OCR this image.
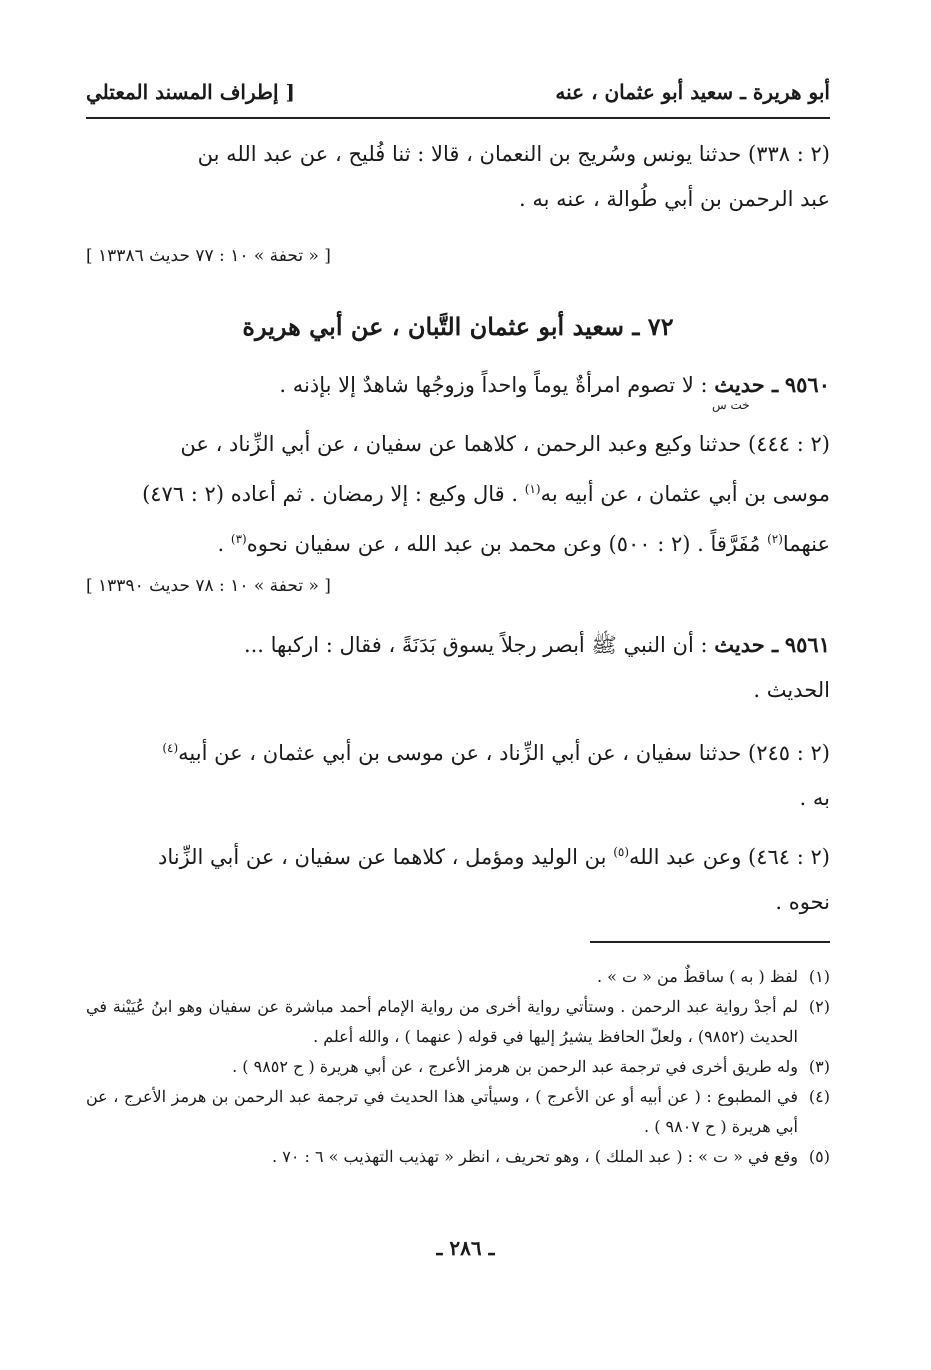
أبو هريرة ـ سعيد أبو عثمان ، عنه
[ إطراف المسند المعتلي
(٢ : ٣٣٨) حدثنا يونس وسُريج بن النعمان ، قالا : ثنا فُليح ، عن عبد الله بن
عبد الرحمن بن أبي طُوالة ، عنه به .
[ « تحفة » ١٠ : ٧٧ حديث ١٣٣٨٦ ]
٧٢ ـ سعيد أبو عثمان التَّبان ، عن أبي هريرة
٩٥٦٠ ـ حديث : لا تصوم امرأةٌ يوماً واحداً وزوجُها شاهدٌ إلا بإذنه .
خت س
(٢ : ٤٤٤) حدثنا وكيع وعبد الرحمن ، كلاهما عن سفيان ، عن أبي الزِّناد ، عن
موسى بن أبي عثمان ، عن أبيه به$^{(١)}$ . قال وكيع : إلا رمضان . ثم أعاده (٢ : ٤٧٦)
عنهما$^{(٢)}$ مُفَرَّقاً . (٢ : ٥٠٠) وعن محمد بن عبد الله ، عن سفيان نحوه$^{(٣)}$ .
[ « تحفة » ١٠ : ٧٨ حديث ١٣٣٩٠ ]
٩٥٦١ ـ حديث : أن النبي ﷺ أبصر رجلاً يسوق بَدَنَةً ، فقال : اركبها ...
الحديث .
(٢ : ٢٤٥) حدثنا سفيان ، عن أبي الزِّناد ، عن موسى بن أبي عثمان ، عن أبيه$^{(٤)}$
به .
(٢ : ٤٦٤) وعن عبد الله$^{(٥)}$ بن الوليد ومؤمل ، كلاهما عن سفيان ، عن أبي الزِّناد
نحوه .
(١)
لفظ ( به ) ساقطٌ من « ت » .
(٢)
لم أجدْ رواية عبد الرحمن . وستأتي رواية أخرى من رواية الإمام أحمد مباشرة عن سفيان وهو ابنُ عُيَيْنة في الحديث (٩٨٥٢) ، ولعلّ الحافظ يشيرُ إليها في قوله ( عنهما ) ، والله أعلم .
(٣)
وله طريق أخرى في ترجمة عبد الرحمن بن هرمز الأعرج ، عن أبي هريرة ( ح ٩٨٥٢ ) .
(٤)
في المطبوع : ( عن أبيه أو عن الأعرج ) ، وسيأتي هذا الحديث في ترجمة عبد الرحمن بن هرمز الأعرج ، عن أبي هريرة ( ح ٩٨٠٧ ) .
(٥)
وقع في « ت » : ( عبد الملك ) ، وهو تحريف ، انظر « تهذيب التهذيب » ٦ : ٧٠ .
ـ ٢٨٦ ـ
